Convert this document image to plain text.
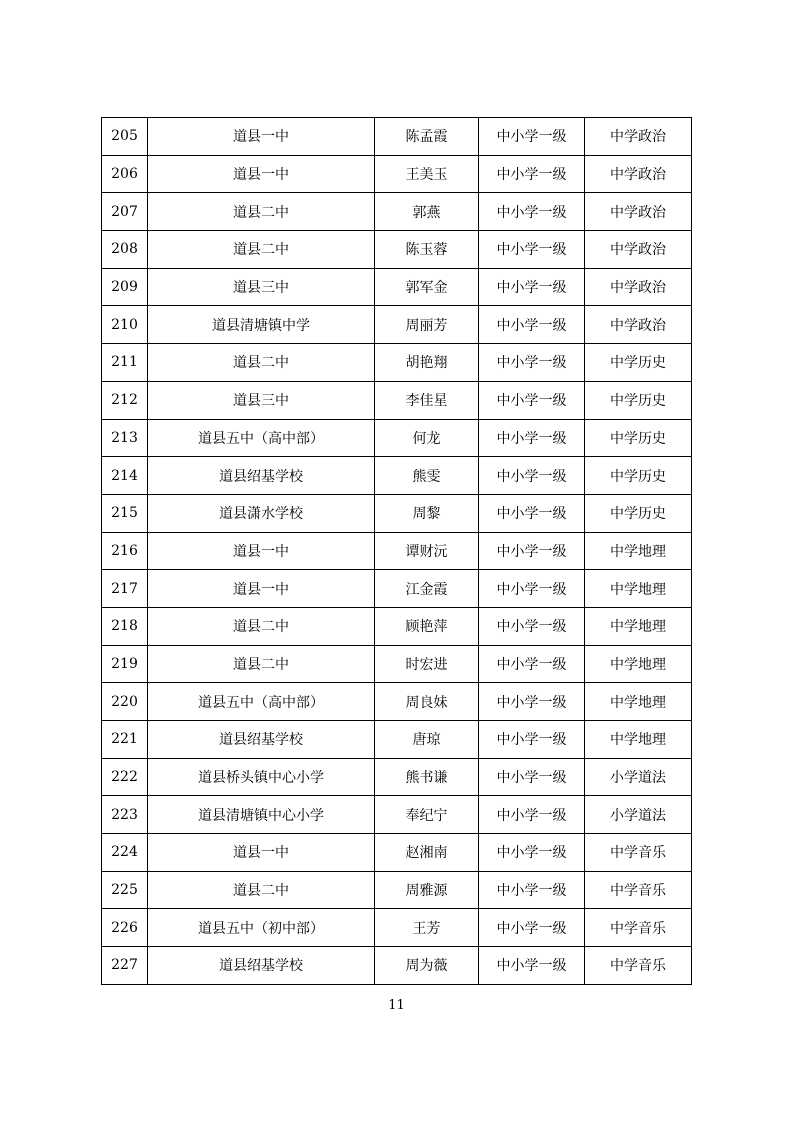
205	道县一中	陈孟霞	中小学一级	中学政治
206	道县一中	王美玉	中小学一级	中学政治
207	道县二中	郭燕	中小学一级	中学政治
208	道县二中	陈玉蓉	中小学一级	中学政治
209	道县三中	郭军金	中小学一级	中学政治
210	道县清塘镇中学	周丽芳	中小学一级	中学政治
211	道县二中	胡艳翔	中小学一级	中学历史
212	道县三中	李佳星	中小学一级	中学历史
213	道县五中（高中部）	何龙	中小学一级	中学历史
214	道县绍基学校	熊雯	中小学一级	中学历史
215	道县潇水学校	周黎	中小学一级	中学历史
216	道县一中	谭财沅	中小学一级	中学地理
217	道县一中	江金霞	中小学一级	中学地理
218	道县二中	顾艳萍	中小学一级	中学地理
219	道县二中	时宏进	中小学一级	中学地理
220	道县五中（高中部）	周良妹	中小学一级	中学地理
221	道县绍基学校	唐琼	中小学一级	中学地理
222	道县桥头镇中心小学	熊书谦	中小学一级	小学道法
223	道县清塘镇中心小学	奉纪宁	中小学一级	小学道法
224	道县一中	赵湘南	中小学一级	中学音乐
225	道县二中	周雅源	中小学一级	中学音乐
226	道县五中（初中部）	王芳	中小学一级	中学音乐
227	道县绍基学校	周为薇	中小学一级	中学音乐
11
